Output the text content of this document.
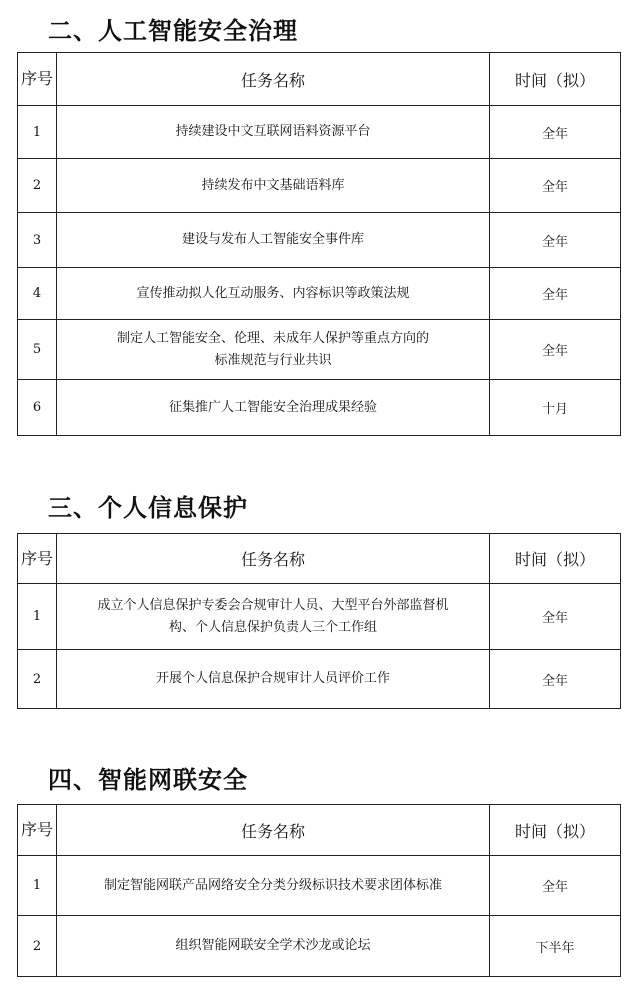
二、人工智能安全治理
序号	任务名称	时间（拟）
1	持续建设中文互联网语料资源平台	全年
2	持续发布中文基础语料库	全年
3	建设与发布人工智能安全事件库	全年
4	宣传推动拟人化互动服务、内容标识等政策法规	全年
5	制定人工智能安全、伦理、未成年人保护等重点方向的
标准规范与行业共识	全年
6	征集推广人工智能安全治理成果经验	十月
三、个人信息保护
序号	任务名称	时间（拟）
1	成立个人信息保护专委会合规审计人员、大型平台外部监督机
构、个人信息保护负责人三个工作组	全年
2	开展个人信息保护合规审计人员评价工作	全年
四、智能网联安全
序号	任务名称	时间（拟）
1	制定智能网联产品网络安全分类分级标识技术要求团体标准	全年
2	组织智能网联安全学术沙龙或论坛	下半年
